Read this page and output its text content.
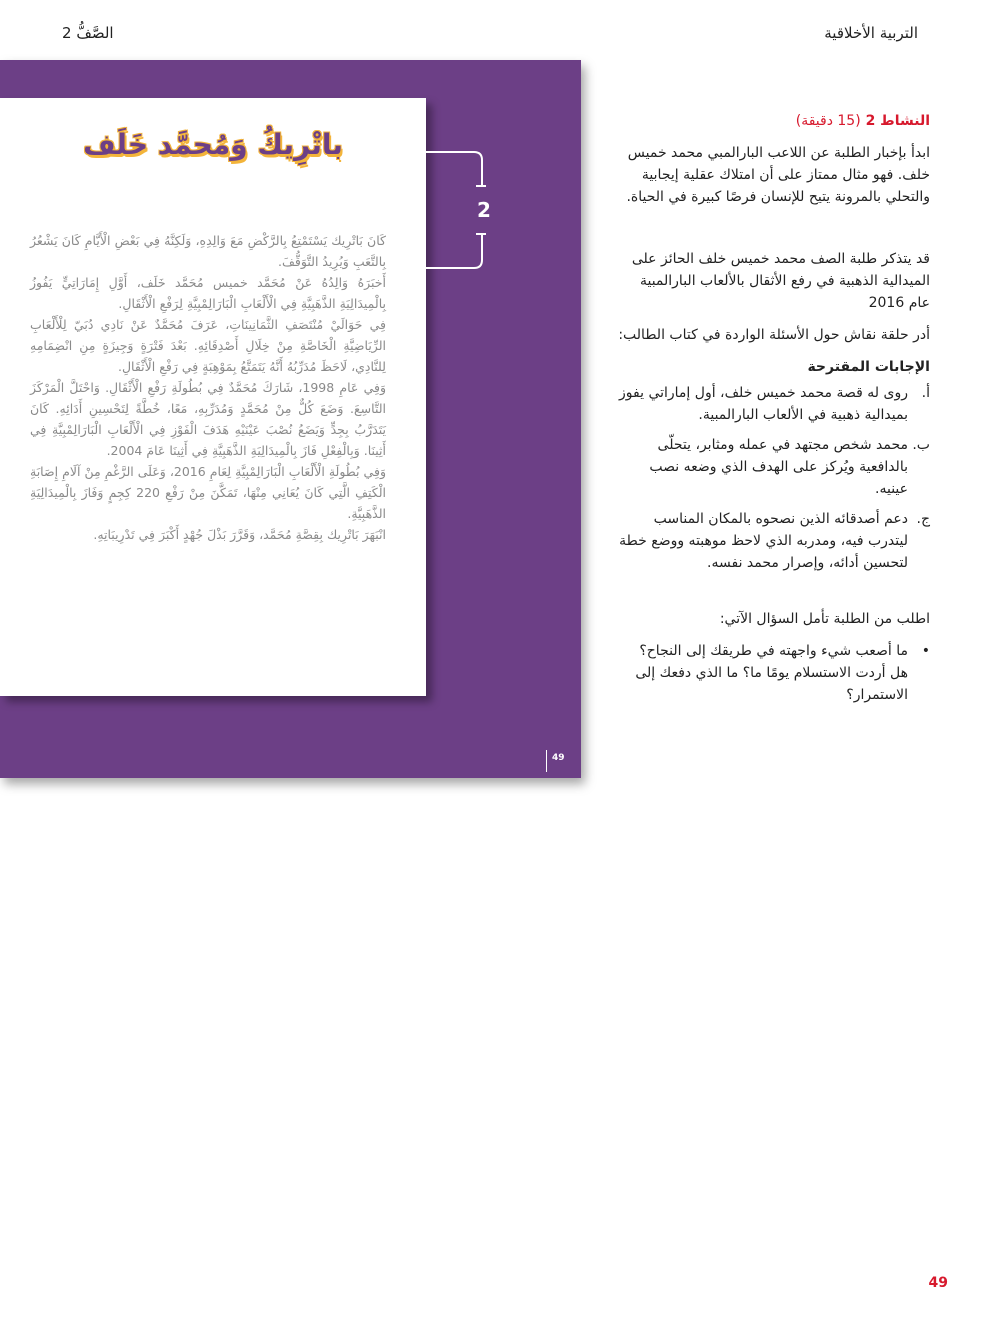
التربية الأخلاقية
الصَّفُّ 2
باتْرِيكُ وَمُحمَّد خَلَف

كَانَ بَاتْرِيك يَسْتَمْتِعُ بِالرَّكْضِ مَعَ وَالِدِهِ، وَلَكِنَّهُ فِي بَعْضِ الْأَيَّامِ كَانَ يَشْعُرُ بِالتَّعَبِ وَيُرِيدُ التَّوَقُّفَ.

أَخبَرَهُ وَالِدُهُ عَنْ مُحَمَّد خميس مُحَمَّد خَلَف، أَوَّلِ إِمَارَاتِيٍّ يَفُوزُ بِالْمِيدَالِيَةِ الذَّهَبِيَّةِ فِي الْأَلْعَابِ الْبَارَالِمْبِيَّةِ لِرَفْعِ الْأَثْقَالِ.

فِي حَوَالَيْ مُنْتَصَفِ الثَّمَانِينَاتِ، عَرَفَ مُحَمَّدٌ عَنْ نَادِي دُبَيّ لِلْأَلْعَابِ الرِّيَاضِيَّةِ الْخَاصَّةِ مِنْ خِلَالِ أَصْدِقَائِهِ. بَعْدَ فَتْرَةٍ وَجِيزَةٍ مِنِ انْضِمَامِهِ لِلنَّادِي، لَاحَظَ مُدَرِّبُهُ أَنَّهُ يَتَمَتَّعُ بِمَوْهِبَةٍ فِي رَفْعِ الْأَثْقَالِ.

وَفِي عَامِ 1998، شَارَكَ مُحَمَّدٌ فِي بُطُولَةِ رَفْعِ الْأَثْقَالِ. وَاحْتَلَّ الْمَرْكَزَ التَّاسِعَ. وَضَعَ كُلٌّ مِنْ مُحَمَّدٍ وَمُدَرِّبِهِ، مَعًا، خُطَّةً لِتَحْسِينِ أَدَائِهِ. كَانَ يَتَدَرَّبُ بِجِدٍّ وَيَضَعُ نُصْبَ عَيْنَيْهِ هَدَفَ الْفَوْزِ فِي الْأَلْعَابِ الْبَارَالِمْبِيَّةِ فِي أَثِينَا. وَبِالْفِعْلِ فَازَ بِالْمِيدَالِيَةِ الذَّهَبِيَّةِ فِي أَثِينَا عَامَ 2004.

وَفِي بُطُولَةِ الْأَلْعَابِ الْبَارَالِمْبِيَّةِ لِعَامِ 2016، وَعَلَى الرَّغْمِ مِنْ آلَامِ إِصَابَةِ الْكَتِفِ الَّتِي كَانَ يُعَانِي مِنْهَا، تَمَكَّنَ مِنْ رَفْعِ 220 كِجِمٍ وَفَازَ بِالْمِيدَالِيَةِ الذَّهَبِيَّةِ.

انْبَهَرَ بَاتْرِيك بِقِصَّةِ مُحَمَّد، وَقَرَّرَ بَذْلَ جُهْدٍ أَكْبَرَ فِي تَدْرِيبَاتِهِ.

2
49

النشاط 2 (15 دقيقة)

ابدأ بإخبار الطلبة عن اللاعب البارالمبي محمد خميس خلف. فهو مثال ممتاز على أن امتلاك عقلية إيجابية والتحلي بالمرونة يتيح للإنسان فرصًا كبيرة في الحياة.

قد يتذكر طلبة الصف محمد خميس خلف الحائز على الميدالية الذهبية في رفع الأثقال بالألعاب البارالمبية عام 2016

أدر حلقة نقاش حول الأسئلة الواردة في كتاب الطالب:

الإجابات المقترحة

أ.
روى له قصة محمد خميس خلف، أول إماراتي يفوز بميدالية ذهبية في الألعاب البارالمبية.
ب.
محمد شخص مجتهد في عمله ومثابر، يتحلّى بالدافعية ويُركز على الهدف الذي وضعه نصب عينيه.
ج.
دعم أصدقائه الذين نصحوه بالمكان المناسب ليتدرب فيه، ومدربه الذي لاحظ موهبته ووضع خطة لتحسين أدائه، وإصرار محمد نفسه.

اطلب من الطلبة تأمل السؤال الآتي:

•
ما أصعب شيء واجهته في طريقك إلى النجاح؟ هل أردت الاستسلام يومًا ما؟ ما الذي دفعك إلى الاستمرار؟
49
